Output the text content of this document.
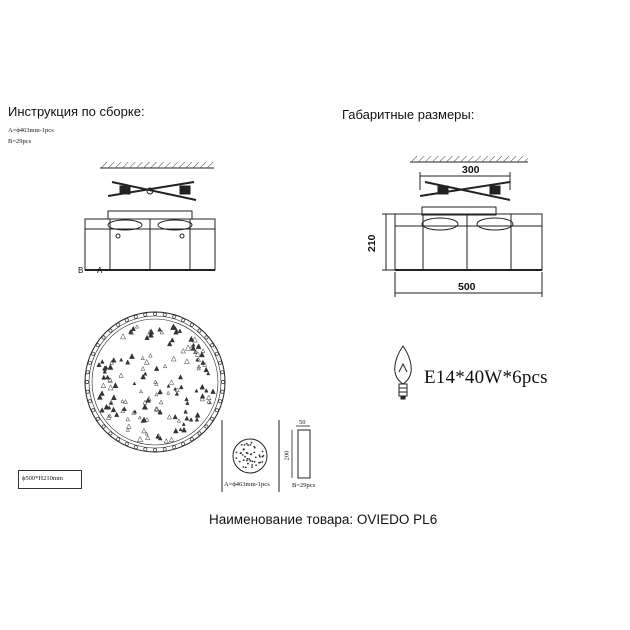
Инструкция по сборке:	Габаритные размеры:
A=ϕ463mm-1pcs
B=29pcs
B A
300
210
500
50
200
B=29pcs
A=ϕ463mm-1pcs
ϕ500*H210mm
E14*40W*6pcs
Наименование товара: OVIEDO PL6
